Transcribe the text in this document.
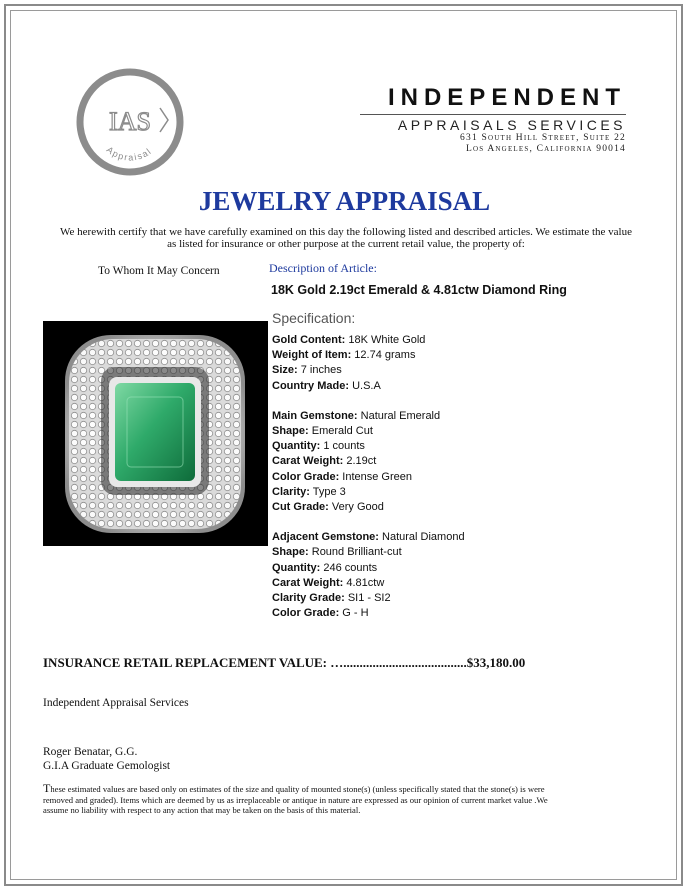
IAS
Appraisal
INDEPENDENT
APPRAISALS SERVICES
631 South Hill Street, Suite 22
Los Angeles, California 90014
JEWELRY APPRAISAL
We herewith certify that we have carefully examined on this day the following listed and described articles. We estimate the value as listed for insurance or other purpose at the current retail value, the property of:
To Whom It May Concern	Description of Article:
18K Gold 2.19ct Emerald & 4.81ctw Diamond Ring
Specification:
Gold Content: 18K White Gold
Weight of Item: 12.74 grams
Size: 7 inches
Country Made: U.S.A
Main Gemstone: Natural Emerald
Shape: Emerald Cut
Quantity: 1 counts
Carat Weight: 2.19ct
Color Grade: Intense Green
Clarity: Type 3
Cut Grade: Very Good
Adjacent Gemstone: Natural Diamond
Shape: Round Brilliant-cut
Quantity: 246 counts
Carat Weight: 4.81ctw
Clarity Grade: SI1 - SI2
Color Grade: G - H
INSURANCE RETAIL REPLACEMENT VALUE: …......................................$33,180.00
Independent Appraisal Services
Roger Benatar, G.G.
G.I.A Graduate Gemologist
These estimated values are based only on estimates of the size and quality of mounted stone(s) (unless specifically stated that the stone(s) is were removed and graded). Items which are deemed by us as irreplaceable or antique in nature are expressed as our opinion of current market value .We assume no liability with respect to any action that may be taken on the basis of this material.
